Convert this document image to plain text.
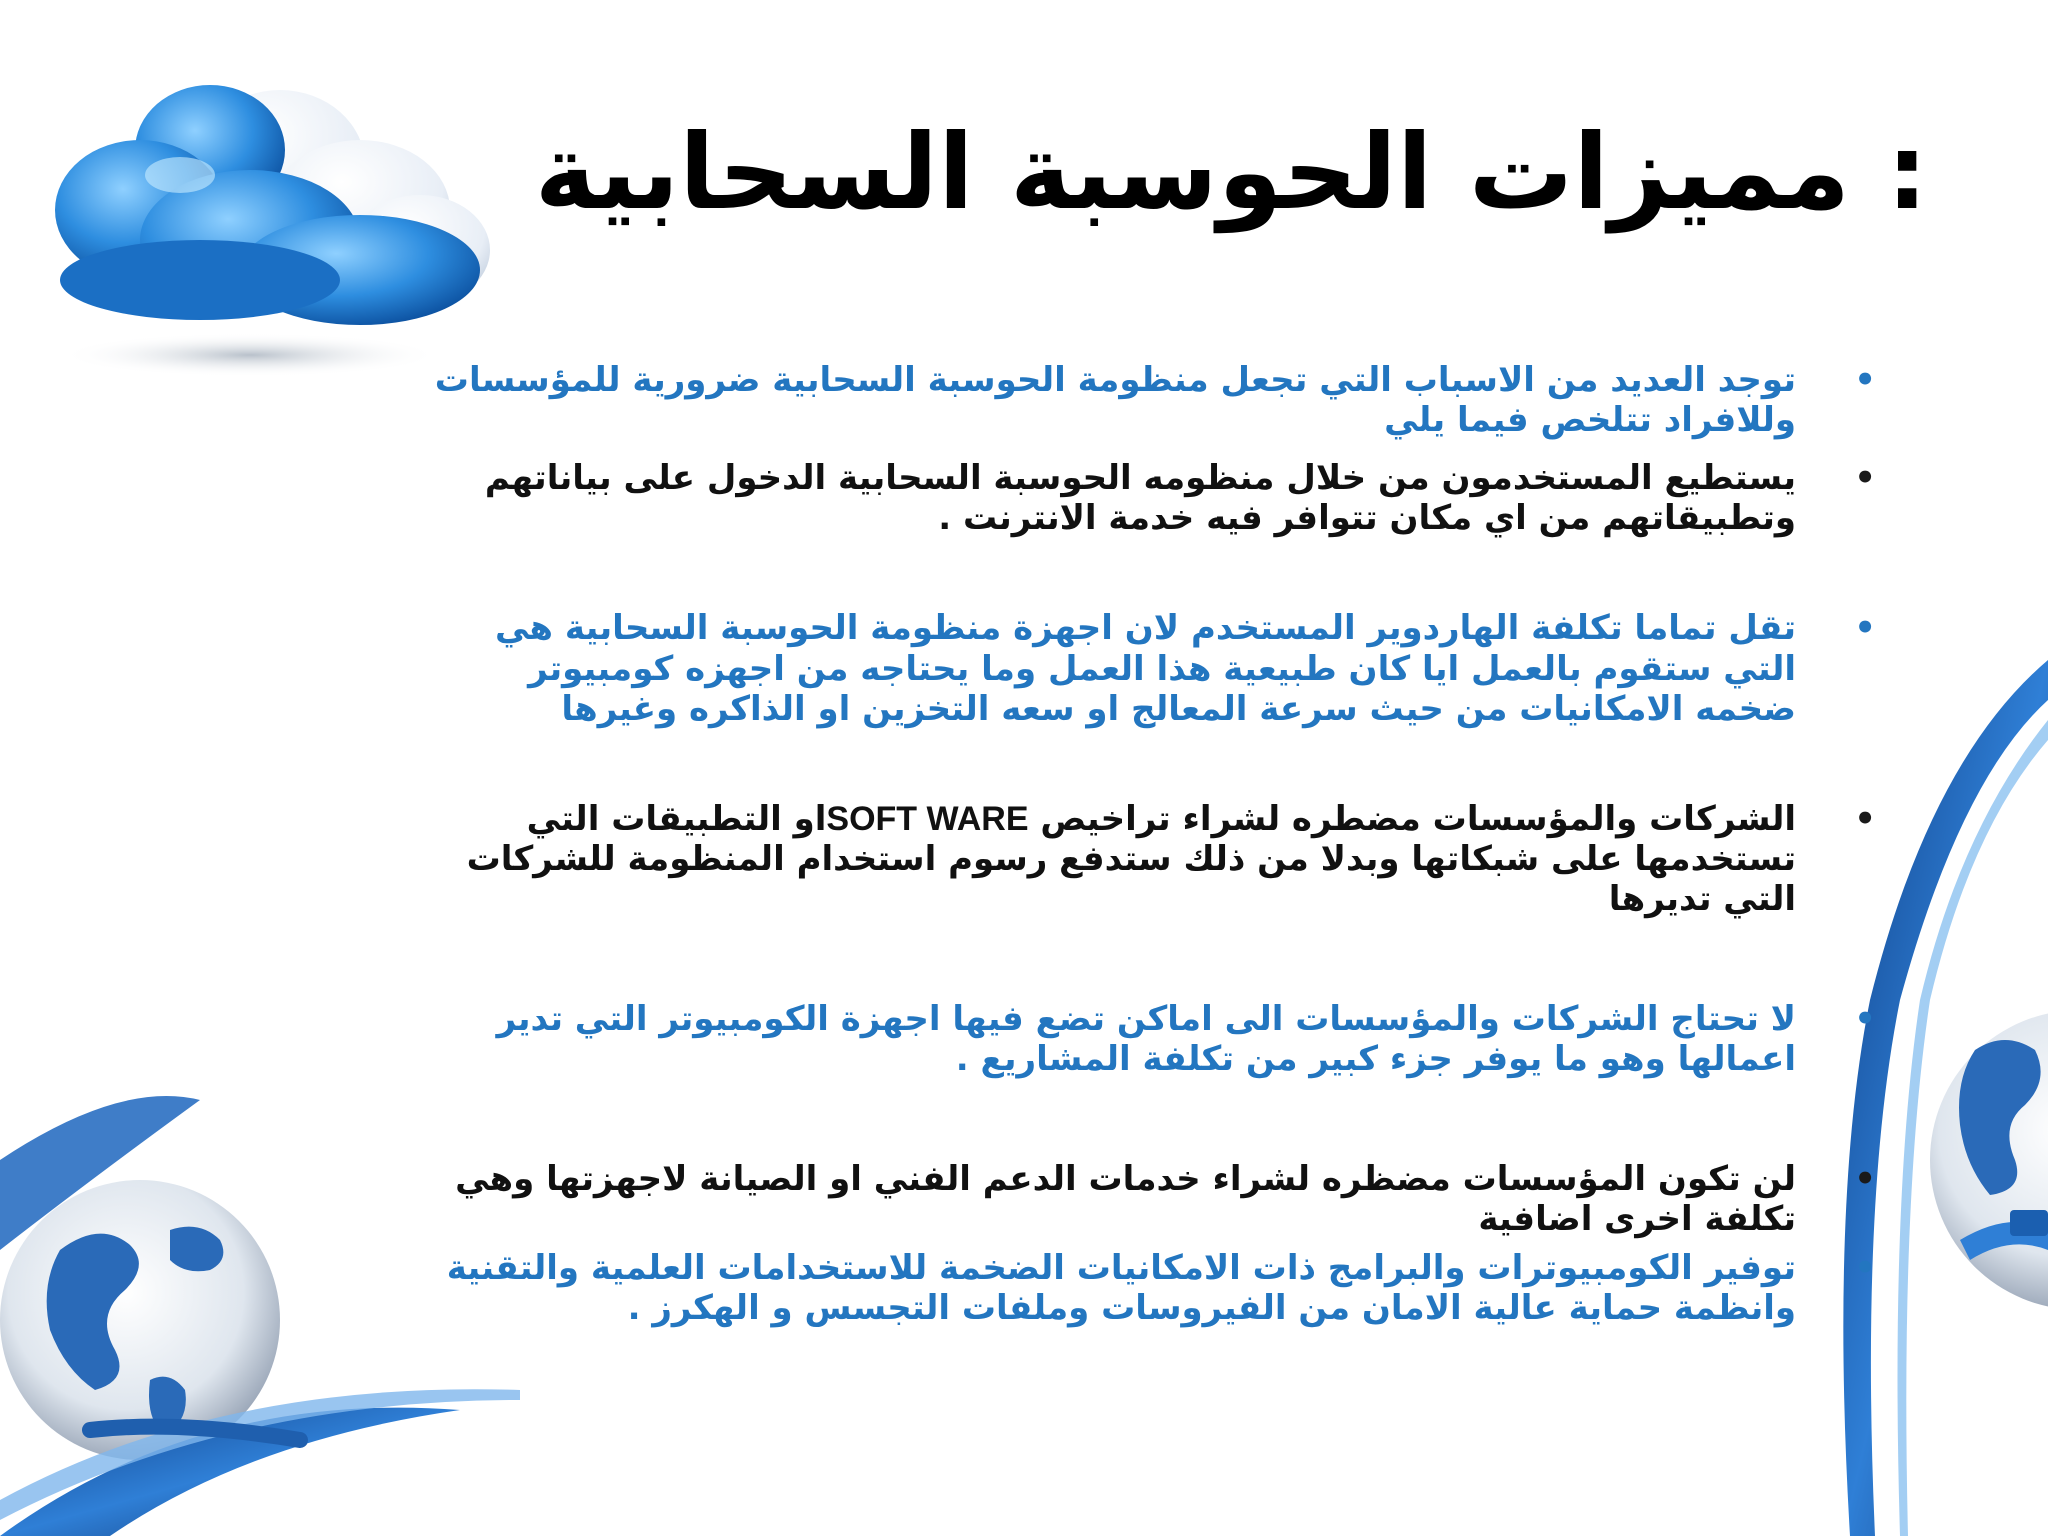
: مميزات الحوسبة السحابية
•
توجد العديد من الاسباب التي تجعل منظومة الحوسبة السحابية ضرورية للمؤسسات وللافراد تتلخص فيما يلي
•
يستطيع المستخدمون من خلال منظومه الحوسبة السحابية الدخول على بياناتهم وتطبيقاتهم من اي مكان تتوافر فيه خدمة الانترنت .
•
تقل تماما تكلفة الهاردوير المستخدم لان اجهزة منظومة الحوسبة السحابية هي التي ستقوم بالعمل ايا كان طبيعية هذا العمل وما يحتاجه من اجهزه كومبيوتر ضخمه الامكانيات من حيث سرعة المعالج او سعه التخزين او الذاكره وغيرها
•
الشركات والمؤسسات مضطره لشراء تراخيص SOFT WAREاو التطبيقات التي تستخدمها على شبكاتها وبدلا من ذلك ستدفع رسوم استخدام المنظومة للشركات التي تديرها
•
لا تحتاج الشركات والمؤسسات الى اماكن تضع فيها اجهزة الكومبيوتر التي تدير اعمالها وهو ما يوفر جزء كبير من تكلفة المشاريع .
•
لن تكون المؤسسات مضظره لشراء خدمات الدعم الفني او الصيانة لاجهزتها وهي تكلفة اخرى اضافية
•
توفير الكومبيوترات والبرامج ذات الامكانيات الضخمة للاستخدامات العلمية والتقنية وانظمة حماية عالية الامان من الفيروسات وملفات التجسس و الهكرز .
